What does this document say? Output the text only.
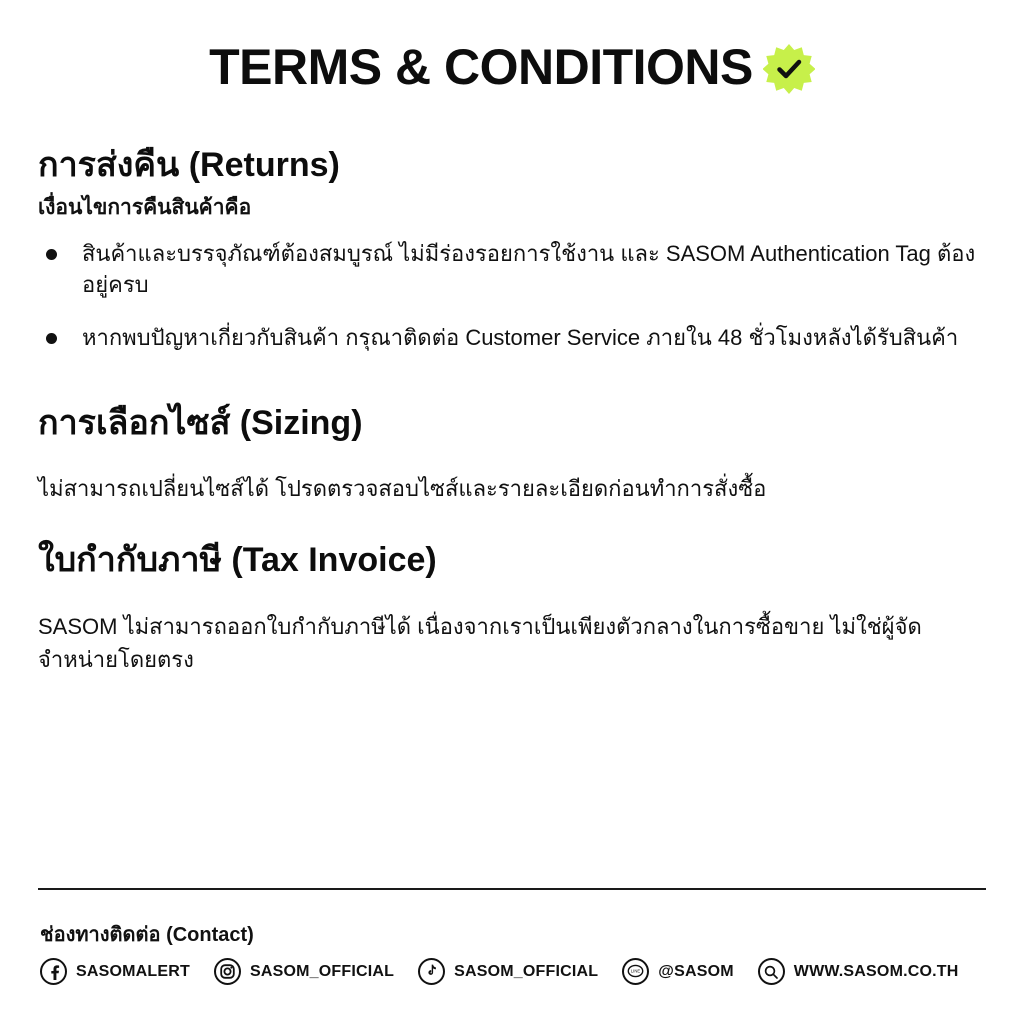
TERMS & CONDITIONS
การส่งคืน (Returns)
เงื่อนไขการคืนสินค้าคือ
สินค้าและบรรจุภัณฑ์ต้องสมบูรณ์ ไม่มีร่องรอยการใช้งาน และ SASOM Authentication Tag ต้องอยู่ครบ
หากพบปัญหาเกี่ยวกับสินค้า กรุณาติดต่อ Customer Service ภายใน 48 ชั่วโมงหลังได้รับสินค้า
การเลือกไซส์ (Sizing)
ไม่สามารถเปลี่ยนไซส์ได้ โปรดตรวจสอบไซส์และรายละเอียดก่อนทำการสั่งซื้อ
ใบกำกับภาษี (Tax Invoice)
SASOM ไม่สามารถออกใบกำกับภาษีได้ เนื่องจากเราเป็นเพียงตัวกลางในการซื้อขาย ไม่ใช่ผู้จัดจำหน่ายโดยตรง
ช่องทางติดต่อ (Contact)
SASOMALERT	SASOM_OFFICIAL	SASOM_OFFICIAL	LINE @SASOM	WWW.SASOM.CO.TH
